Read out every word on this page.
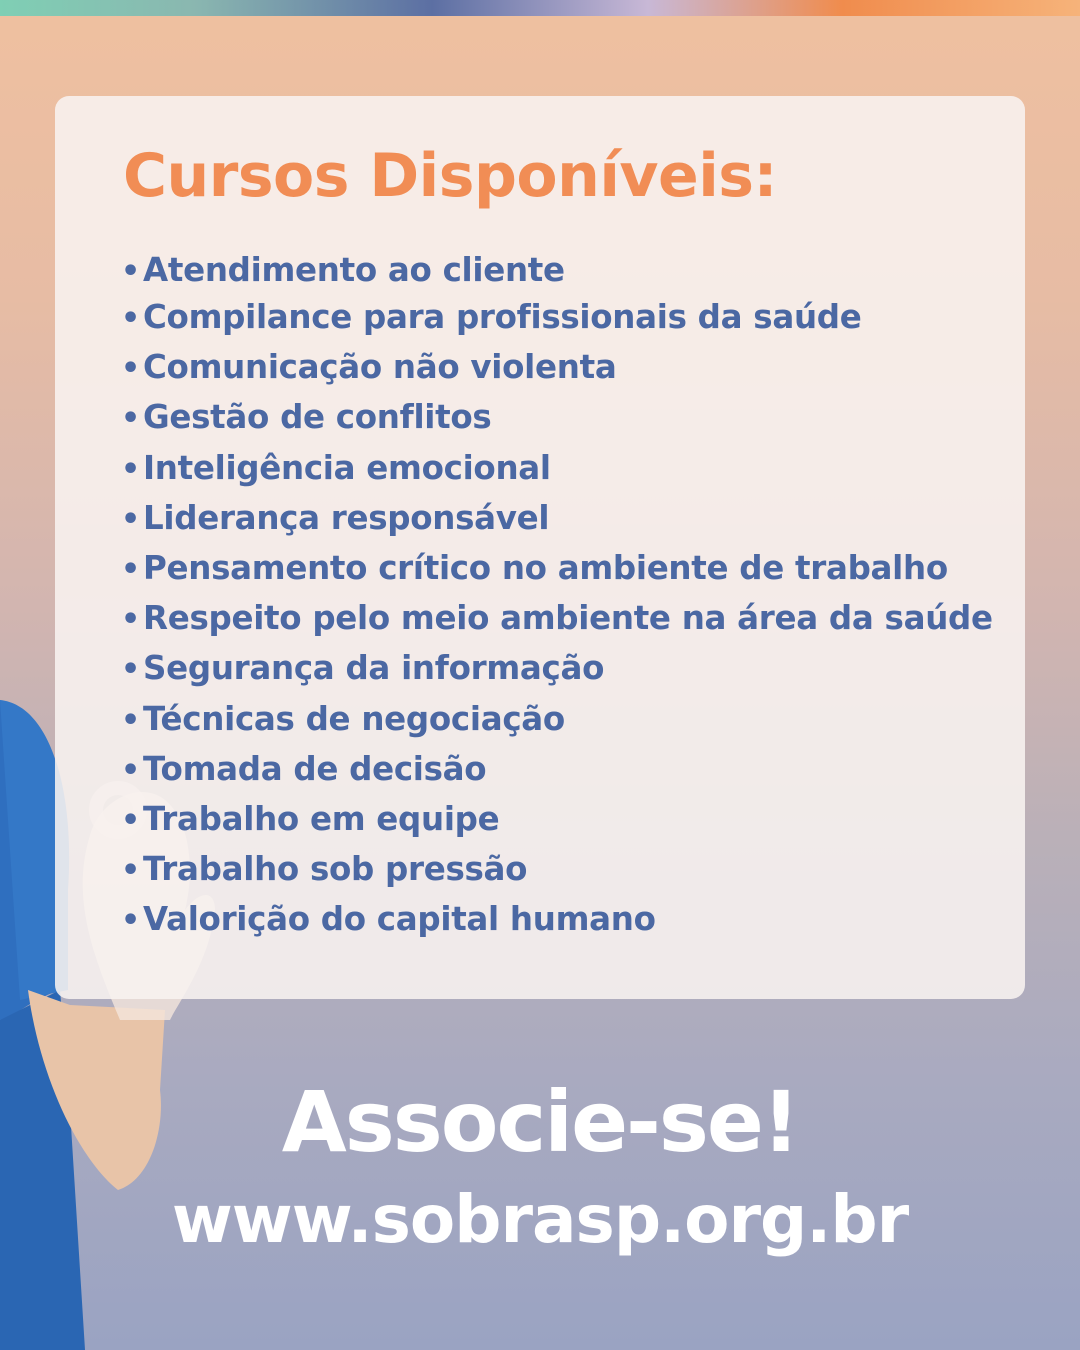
Cursos Disponíveis:
•Atendimento ao cliente
•Compilance para profissionais da saúde
•Comunicação não violenta
•Gestão de conflitos
•Inteligência emocional
•Liderança responsável
•Pensamento crítico no ambiente de trabalho
•Respeito pelo meio ambiente na área da saúde
•Segurança da informação
•Técnicas de negociação
•Tomada de decisão
•Trabalho em equipe
•Trabalho sob pressão
•Valorição do capital humano
Associe-se!
www.sobrasp.org.br
